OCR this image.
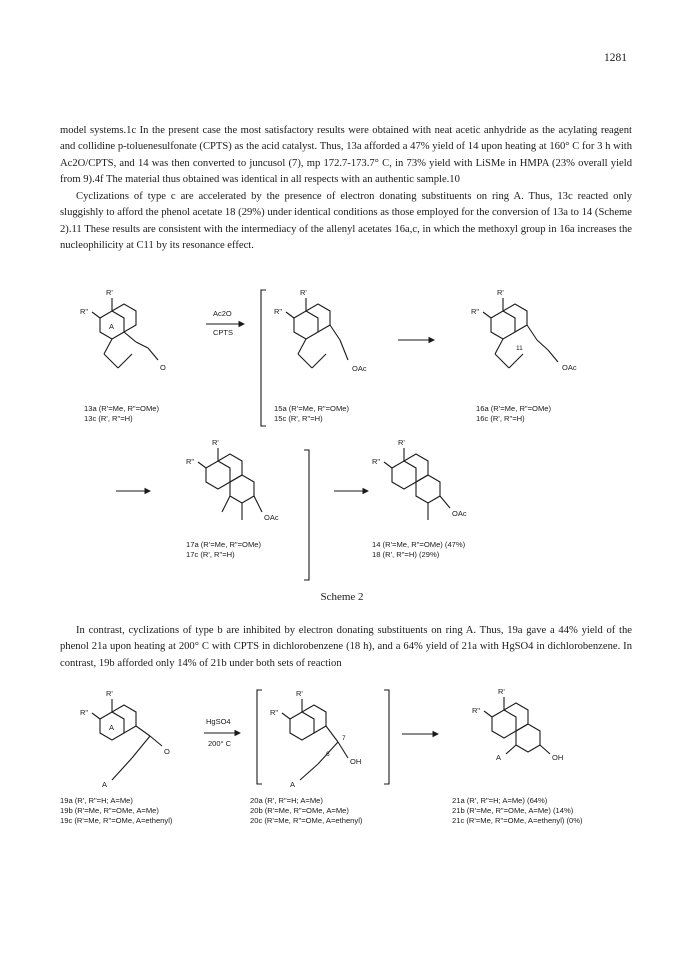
1281

model systems.1c In the present case the most satisfactory results were obtained with neat acetic anhydride as the acylating reagent and collidine p-toluenesulfonate (CPTS) as the acid catalyst. Thus, 13a afforded a 47% yield of 14 upon heating at 160° C for 3 h with Ac2O/CPTS, and 14 was then converted to juncusol (7), mp 172.7-173.7° C, in 73% yield with LiSMe in HMPA (23% overall yield from 9).4f The material thus obtained was identical in all respects with an authentic sample.10

Cyclizations of type c are accelerated by the presence of electron donating substituents on ring A. Thus, 13c reacted only sluggishly to afford the phenol acetate 18 (29%) under identical conditions as those employed for the conversion of 13a to 14 (Scheme 2).11 These results are consistent with the intermediacy of the allenyl acetates 16a,c, in which the methoxyl group in 16a increases the nucleophilicity at C11 by its resonance effect.

R'
R"
A
O
Ac2O
CPTS
R'
R"
OAc
R'
R"
11
OAc
R'
R"
OAc
R'
R"
OAc
13a (R'=Me, R"=OMe)
13c (R', R"=H)
15a (R'=Me, R"=OMe)
15c (R', R"=H)
16a (R'=Me, R"=OMe)
16c (R', R"=H)
17a (R'=Me, R"=OMe)
17c (R', R"=H)
14 (R'=Me, R"=OMe) (47%)
18 (R', R"=H) (29%)
Scheme 2

In contrast, cyclizations of type b are inhibited by electron donating substituents on ring A. Thus, 19a gave a 44% yield of the phenol 21a upon heating at 200° C with CPTS in dichlorobenzene (18 h), and a 64% yield of 21a with HgSO4 in dichlorobenzene. In contrast, 19b afforded only 14% of 21b under both sets of reaction

R'
R"
A
O
A
HgSO4
200° C
R'
R"
7
6
OH
A
R'
R"
OH
A
19a (R', R"=H; A=Me)
19b (R'=Me, R"=OMe, A=Me)
19c (R'=Me, R"=OMe, A=ethenyl)
20a (R', R"=H; A=Me)
20b (R'=Me, R"=OMe, A=Me)
20c (R'=Me, R"=OMe, A=ethenyl)
21a (R', R"=H; A=Me) (64%)
21b (R'=Me, R"=OMe, A=Me) (14%)
21c (R'=Me, R"=OMe, A=ethenyl) (0%)
